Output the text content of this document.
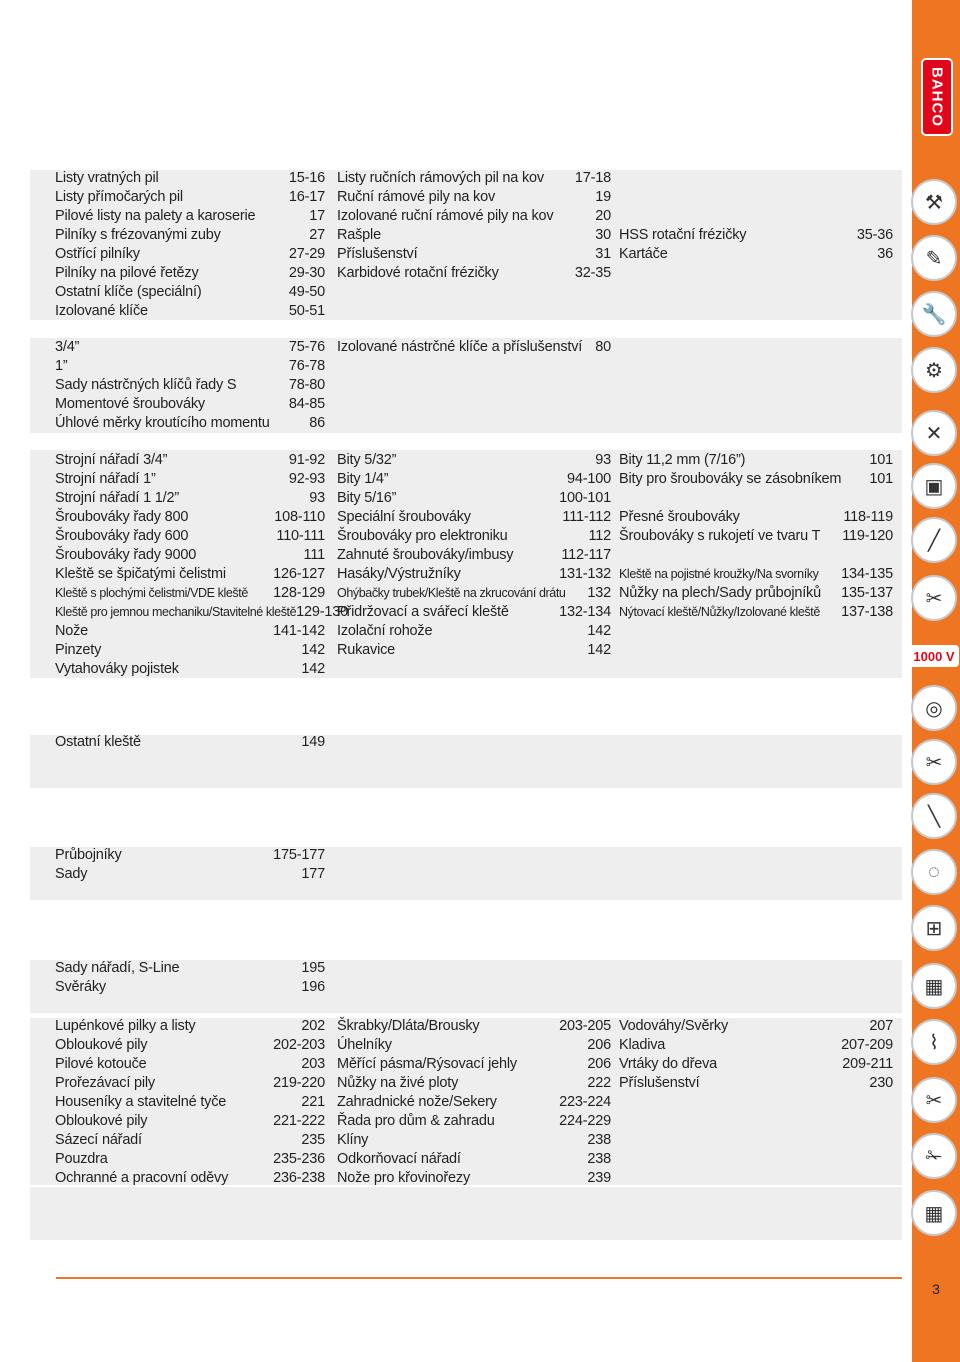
BAHCO
Listy vratných pil	15-16
Listy přímočarých pil	16-17
Pilové listy na palety a karoserie	17
Pilníky s frézovanými zuby	27
Ostřící pilníky	27-29
Pilníky na pilové řetězy	29-30
Ostatní klíče (speciální)	49-50
Izolované klíče	50-51
Listy ručních rámových pil na kov 17-18
Ruční rámové pily na kov	19
Izolované ruční rámové pily na kov	20
Rašple	30
Příslušenství	31
Karbidové rotační frézičky	32-35
HSS rotační frézičky	35-36
Kartáče	36
3/4”	75-76
1”	76-78
Sady nástrčných klíčů řady S	78-80
Momentové šroubováky	84-85
Úhlové měrky kroutícího momentu	86
Izolované nástrčné klíče a příslušenství 80
Strojní nářadí 3/4”	91-92
Strojní nářadí 1”	92-93
Strojní nářadí 1 1/2”	93
Šroubováky řady 800	108-110
Šroubováky řady 600	110-111
Šroubováky řady 9000	111
Kleště se špičatými čelistmi	126-127
Kleště s plochými čelistmi/VDE kleště 128-129
Kleště pro jemnou mechaniku/Stavitelné kleště 129-130
Nože	141-142
Pinzety	142
Vytahováky pojistek	142
Bity 5/32”	93
Bity 1/4”	94-100
Bity 5/16”	100-101
Speciální šroubováky	111-112
Šroubováky pro elektroniku	112
Zahnuté šroubováky/imbusy	112-117
Hasáky/Výstružníky	131-132
Ohýbačky trubek/Kleště na zkrucování drátu 132
Přidržovací a svářecí kleště	132-134
Izolační rohože	142
Rukavice	142
Bity 11,2 mm (7/16”)	101
Bity pro šroubováky se zásobníkem 101
Přesné šroubováky	118-119
Šroubováky s rukojetí ve tvaru T 119-120
Kleště na pojistné kroužky/Na svorníky 134-135
Nůžky na plech/Sady průbojníků 135-137
Nýtovací kleště/Nůžky/Izolované kleště 137-138
Ostatní kleště	149
Průbojníky	175-177
Sady	177
Sady nářadí, S-Line	195
Svěráky	196
Lupénkové pilky a listy	202
Obloukové pily	202-203
Pilové kotouče	203
Prořezávací pily	219-220
Houseníky a stavitelné tyče	221
Obloukové pily	221-222
Sázecí nářadí	235
Pouzdra	235-236
Ochranné a pracovní oděvy	236-238
Škrabky/Dláta/Brousky	203-205
Úhelníky	206
Měřící pásma/Rýsovací jehly	206
Nůžky na živé ploty	222
Zahradnické nože/Sekery	223-224
Řada pro dům & zahradu	224-229
Klíny	238
Odkorňovací nářadí	238
Nože pro křovinořezy	239
Vodováhy/Svěrky	207
Kladiva	207-209
Vrtáky do dřeva	209-211
Příslušenství	230
⚒
✎
🔧
⚙
✕
▣
╱
✂
1000 V
◎
✂
╲
◌
⊞
▦
⌇
✂
✁
▦
3
